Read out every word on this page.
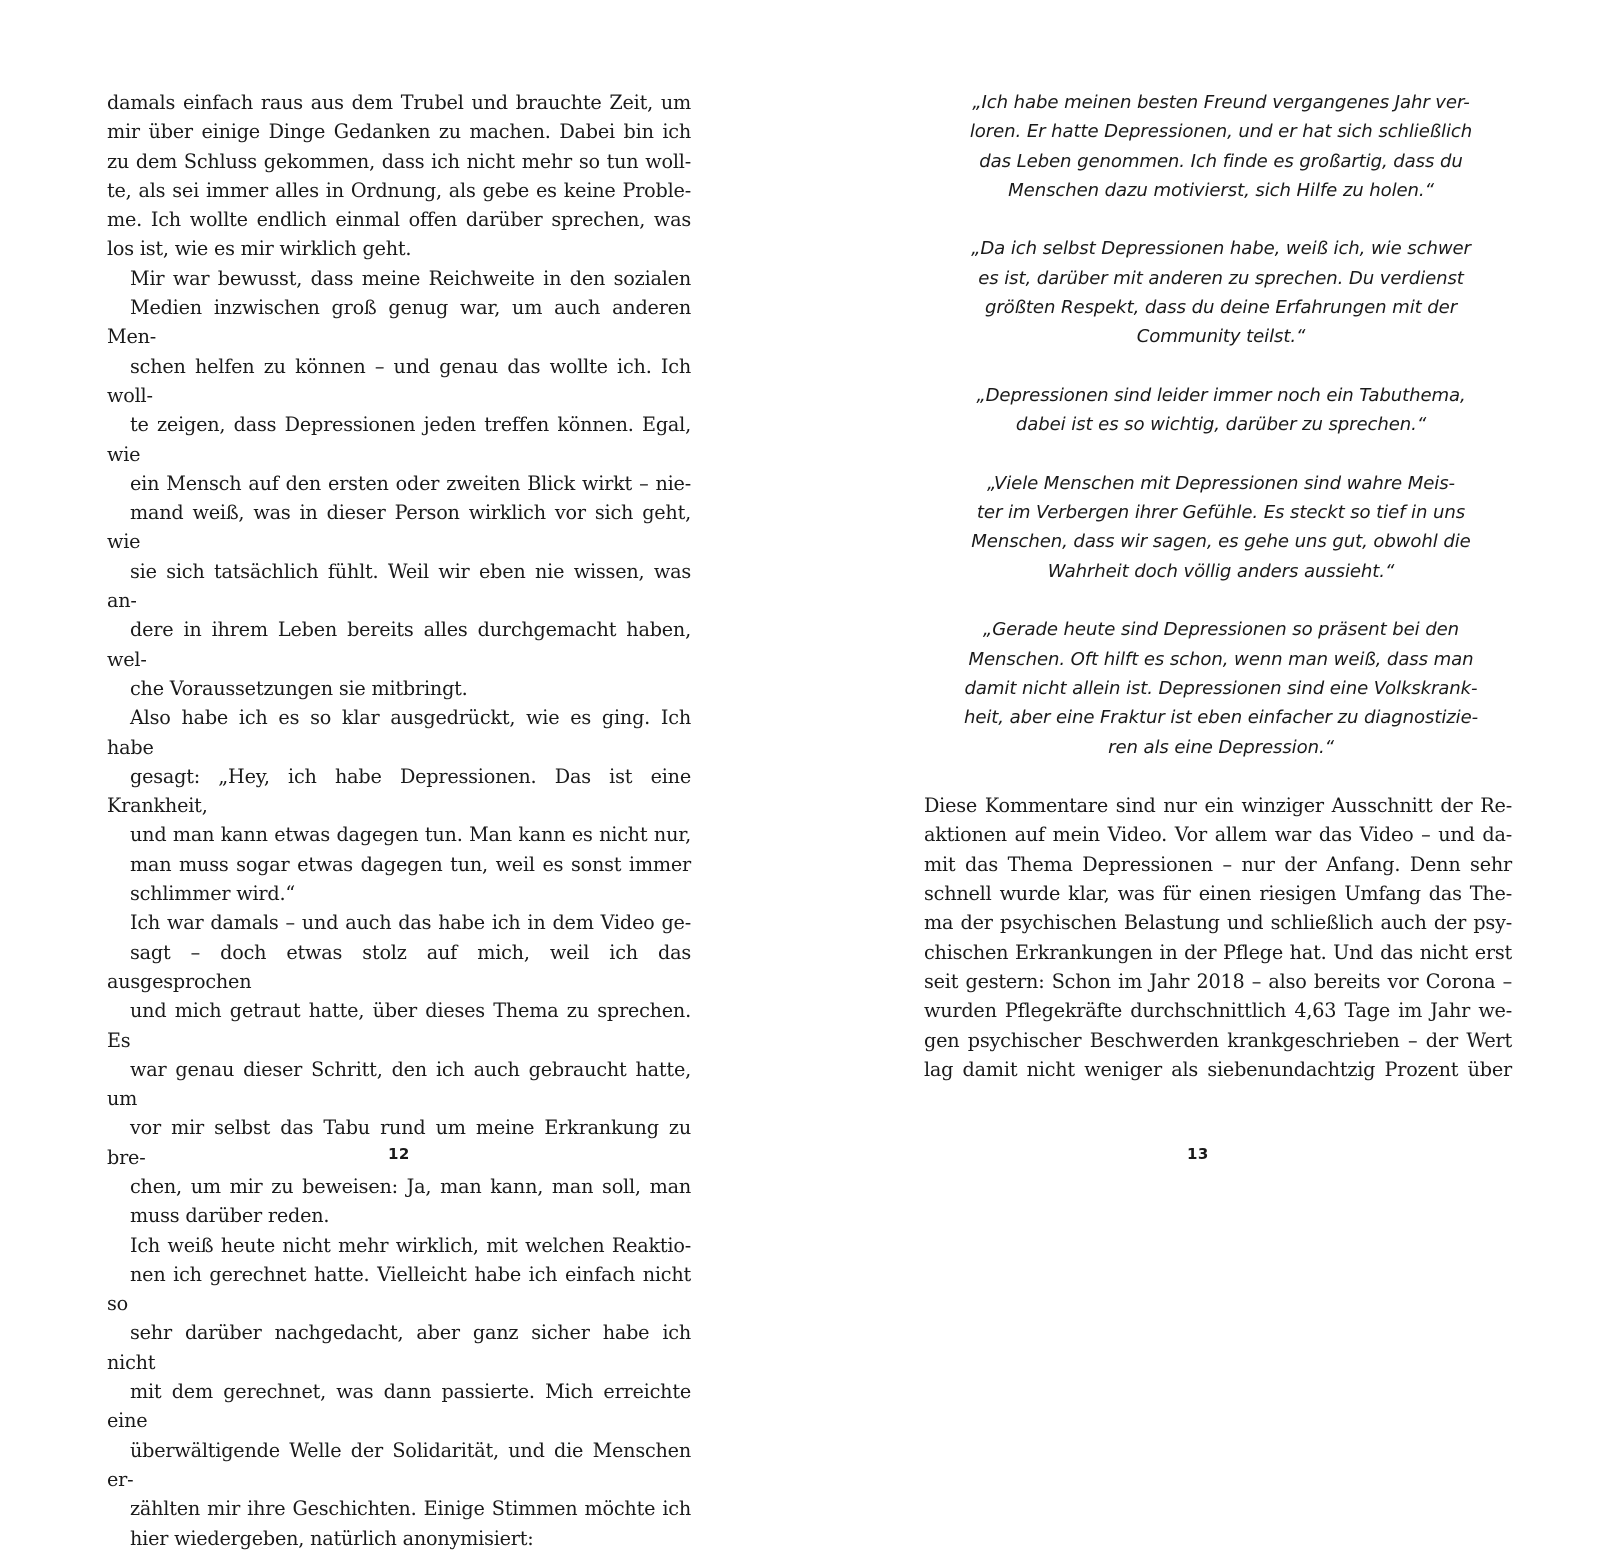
damals einfach raus aus dem Trubel und brauchte Zeit, um
mir über einige Dinge Gedanken zu machen. Dabei bin ich
zu dem Schluss gekommen, dass ich nicht mehr so tun woll-
te, als sei immer alles in Ordnung, als gebe es keine Proble-
me. Ich wollte endlich einmal offen darüber sprechen, was
los ist, wie es mir wirklich geht.

Mir war bewusst, dass meine Reichweite in den sozialen
Medien inzwischen groß genug war, um auch anderen Men-
schen helfen zu können – und genau das wollte ich. Ich woll-
te zeigen, dass Depressionen jeden treffen können. Egal, wie
ein Mensch auf den ersten oder zweiten Blick wirkt – nie-
mand weiß, was in dieser Person wirklich vor sich geht, wie
sie sich tatsächlich fühlt. Weil wir eben nie wissen, was an-
dere in ihrem Leben bereits alles durchgemacht haben, wel-
che Voraussetzungen sie mitbringt.

Also habe ich es so klar ausgedrückt, wie es ging. Ich habe
gesagt: „Hey, ich habe Depressionen. Das ist eine Krankheit,
und man kann etwas dagegen tun. Man kann es nicht nur,
man muss sogar etwas dagegen tun, weil es sonst immer
schlimmer wird.“

Ich war damals – und auch das habe ich in dem Video ge-
sagt – doch etwas stolz auf mich, weil ich das ausgesprochen
und mich getraut hatte, über dieses Thema zu sprechen. Es
war genau dieser Schritt, den ich auch gebraucht hatte, um
vor mir selbst das Tabu rund um meine Erkrankung zu bre-
chen, um mir zu beweisen: Ja, man kann, man soll, man
muss darüber reden.

Ich weiß heute nicht mehr wirklich, mit welchen Reaktio-
nen ich gerechnet hatte. Vielleicht habe ich einfach nicht so
sehr darüber nachgedacht, aber ganz sicher habe ich nicht
mit dem gerechnet, was dann passierte. Mich erreichte eine
überwältigende Welle der Solidarität, und die Menschen er-
zählten mir ihre Geschichten. Einige Stimmen möchte ich
hier wiedergeben, natürlich anonymisiert:

12
„Ich habe meinen besten Freund vergangenes Jahr ver-
loren. Er hatte Depressionen, und er hat sich schließlich
das Leben genommen. Ich finde es großartig, dass du
Menschen dazu motivierst, sich Hilfe zu holen.“
„Da ich selbst Depressionen habe, weiß ich, wie schwer
es ist, darüber mit anderen zu sprechen. Du verdienst
größten Respekt, dass du deine Erfahrungen mit der
Community teilst.“
„Depressionen sind leider immer noch ein Tabuthema,
dabei ist es so wichtig, darüber zu sprechen.“
„Viele Menschen mit Depressionen sind wahre Meis-
ter im Verbergen ihrer Gefühle. Es steckt so tief in uns
Menschen, dass wir sagen, es gehe uns gut, obwohl die
Wahrheit doch völlig anders aussieht.“
„Gerade heute sind Depressionen so präsent bei den
Menschen. Oft hilft es schon, wenn man weiß, dass man
damit nicht allein ist. Depressionen sind eine Volkskrank-
heit, aber eine Fraktur ist eben einfacher zu diagnostizie-
ren als eine Depression.“

Diese Kommentare sind nur ein winziger Ausschnitt der Re-
aktionen auf mein Video. Vor allem war das Video – und da-
mit das Thema Depressionen – nur der Anfang. Denn sehr
schnell wurde klar, was für einen riesigen Umfang das The-
ma der psychischen Belastung und schließlich auch der psy-
chischen Erkrankungen in der Pflege hat. Und das nicht erst
seit gestern: Schon im Jahr 2018 – also bereits vor Corona –
wurden Pflegekräfte durchschnittlich 4,63 Tage im Jahr we-
gen psychischer Beschwerden krankgeschrieben – der Wert
lag damit nicht weniger als siebenundachtzig Prozent über

13
